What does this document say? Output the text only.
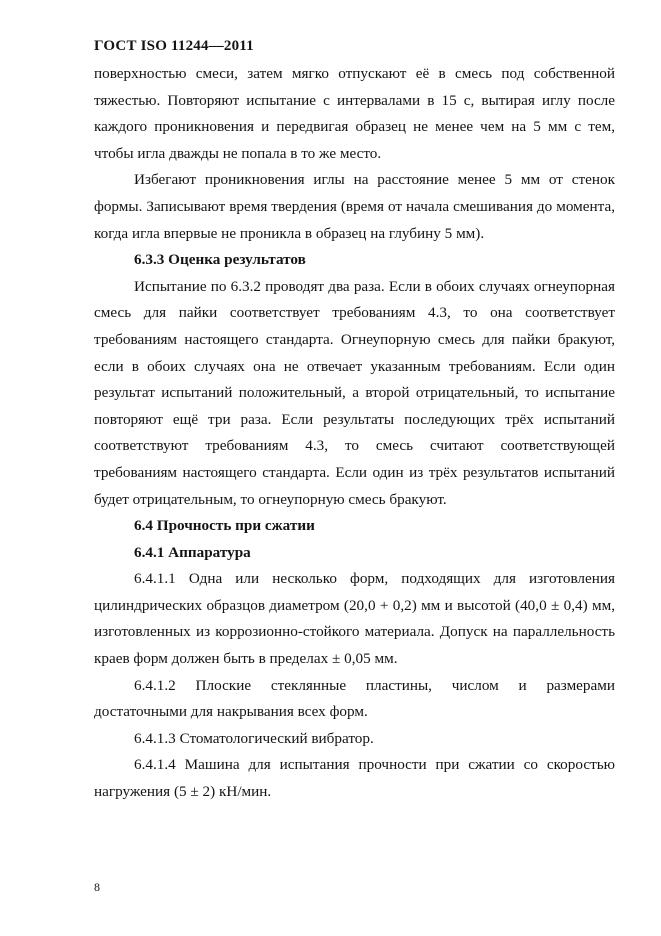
ГОСТ ISO 11244—2011

поверхностью смеси, затем мягко отпускают её в смесь под собственной тяжестью. Повторяют испытание с интервалами в 15 с, вытирая иглу после каждого проникновения и передвигая образец не менее чем на 5 мм с тем, чтобы игла дважды не попала в то же место.

Избегают проникновения иглы на расстояние менее 5 мм от стенок формы. Записывают время твердения (время от начала смешивания до момента, когда игла впервые не проникла в образец на глубину 5 мм).

6.3.3 Оценка результатов

Испытание по 6.3.2 проводят два раза. Если в обоих случаях огнеупорная смесь для пайки соответствует требованиям 4.3, то она соответствует требованиям настоящего стандарта. Огнеупорную смесь для пайки бракуют, если в обоих случаях она не отвечает указанным требованиям. Если один результат испытаний положительный, а второй отрицательный, то испытание повторяют ещё три раза. Если результаты последующих трёх испытаний соответствуют требованиям 4.3, то смесь считают соответствующей требованиям настоящего стандарта. Если один из трёх результатов испытаний будет отрицательным, то огнеупорную смесь бракуют.

6.4 Прочность при сжатии

6.4.1 Аппаратура

6.4.1.1 Одна или несколько форм, подходящих для изготовления цилиндрических образцов диаметром (20,0 + 0,2) мм и высотой (40,0 ± 0,4) мм, изготовленных из коррозионно-стойкого материала. Допуск на параллельность краев форм должен быть в пределах ± 0,05 мм.

6.4.1.2 Плоские стеклянные пластины, числом и размерами достаточными для накрывания всех форм.

6.4.1.3 Стоматологический вибратор.

6.4.1.4 Машина для испытания прочности при сжатии со скоростью нагружения (5 ± 2) кН/мин.

8
